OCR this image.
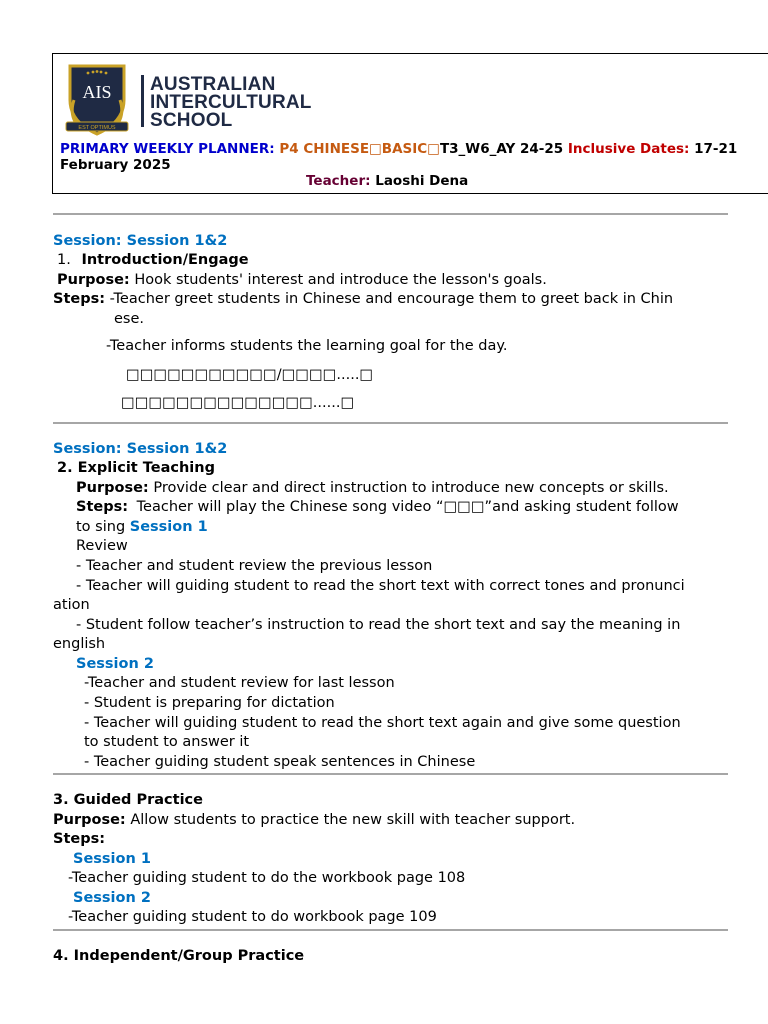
AIS
EST OPTIMUS
AUSTRALIAN
INTERCULTURAL
SCHOOL
PRIMARY WEEKLY PLANNER: P4 CHINESE□BASIC□T3_W6_AY 24-25 Inclusive Dates: 17-21
February 2025
Teacher: Laoshi Dena
Session: Session 1&2
1. Introduction/Engage
Purpose: Hook students' interest and introduce the lesson's goals.
Steps: -Teacher greet students in Chinese and encourage them to greet back in Chin
ese.
-Teacher informs students the learning goal for the day.
□□□□□□□□□□□/□□□□.....□
□□□□□□□□□□□□□□......□
Session: Session 1&2
2. Explicit Teaching
Purpose: Provide clear and direct instruction to introduce new concepts or skills.
Steps: Teacher will play the Chinese song video “□□□”and asking student follow
to sing Session 1
Review
- Teacher and student review the previous lesson
- Teacher will guiding student to read the short text with correct tones and pronunci
ation
- Student follow teacher’s instruction to read the short text and say the meaning in
english
Session 2
-Teacher and student review for last lesson
- Student is preparing for dictation
- Teacher will guiding student to read the short text again and give some question
to student to answer it
- Teacher guiding student speak sentences in Chinese
3. Guided Practice
Purpose: Allow students to practice the new skill with teacher support.
Steps:
Session 1
-Teacher guiding student to do the workbook page 108
Session 2
-Teacher guiding student to do workbook page 109
4. Independent/Group Practice
